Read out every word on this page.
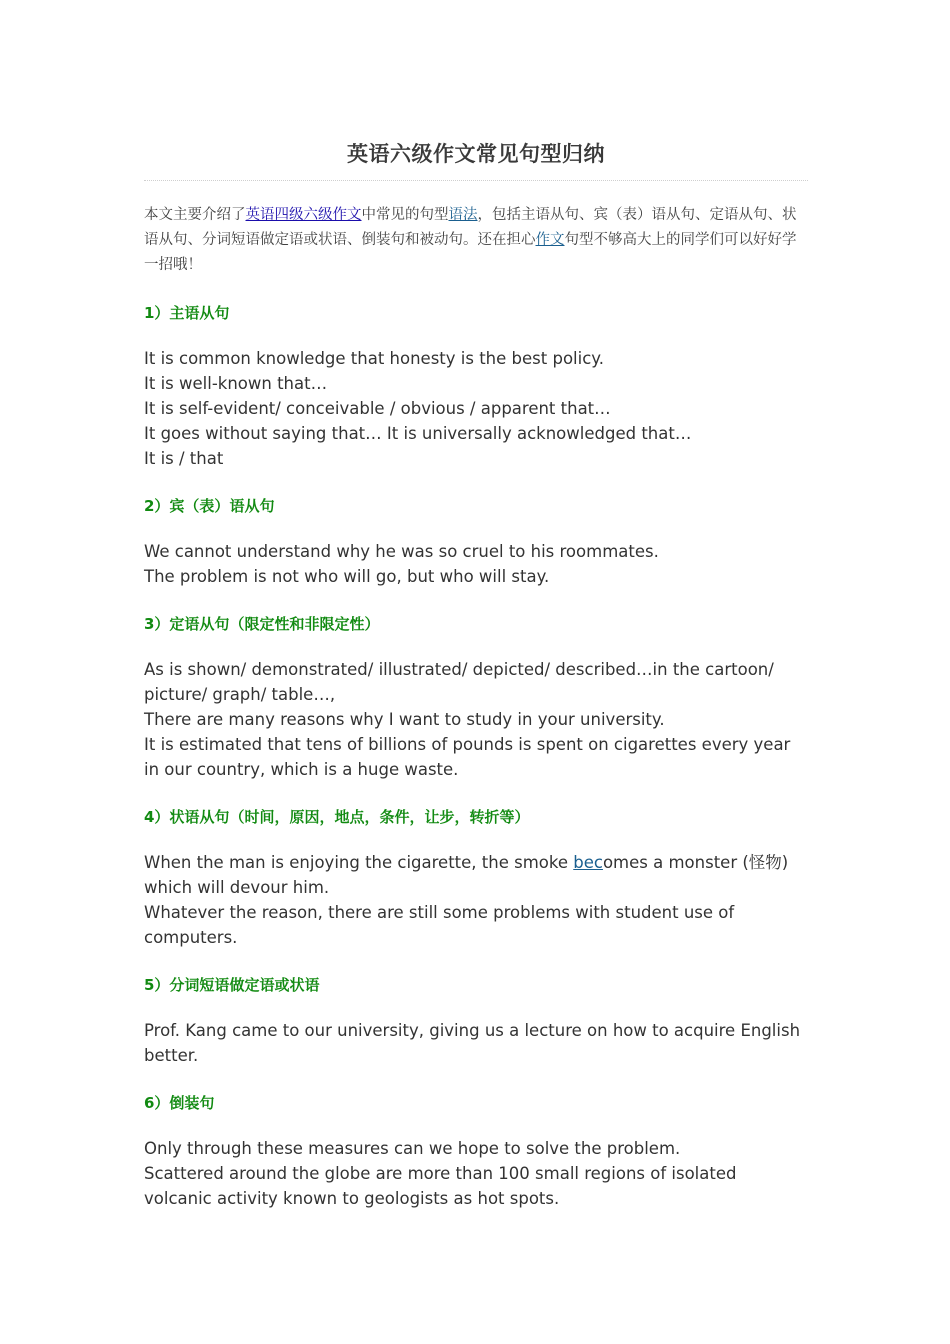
英语六级作文常见句型归纳

本文主要介绍了英语四级六级作文中常见的句型语法，包括主语从句、宾（表）语从句、定语从句、状语从句、分词短语做定语或状语、倒装句和被动句。还在担心作文句型不够高大上的同学们可以好好学一招哦！

1）主语从句

It is common knowledge that honesty is the best policy.
It is well-known that…
It is self-evident/ conceivable / obvious / apparent that…
It goes without saying that… It is universally acknowledged that…
It is / that

2）宾（表）语从句

We cannot understand why he was so cruel to his roommates.
The problem is not who will go, but who will stay.

3）定语从句（限定性和非限定性）

As is shown/ demonstrated/ illustrated/ depicted/ described…in the cartoon/ picture/ graph/ table…,
There are many reasons why I want to study in your university.
It is estimated that tens of billions of pounds is spent on cigarettes every year in our country, which is a huge waste.

4）状语从句（时间，原因，地点，条件，让步，转折等）

When the man is enjoying the cigarette, the smoke becomes a monster (怪物) which will devour him.
Whatever the reason, there are still some problems with student use of computers.

5）分词短语做定语或状语

Prof. Kang came to our university, giving us a lecture on how to acquire English better.

6）倒装句

Only through these measures can we hope to solve the problem.
Scattered around the globe are more than 100 small regions of isolated volcanic activity known to geologists as hot spots.
